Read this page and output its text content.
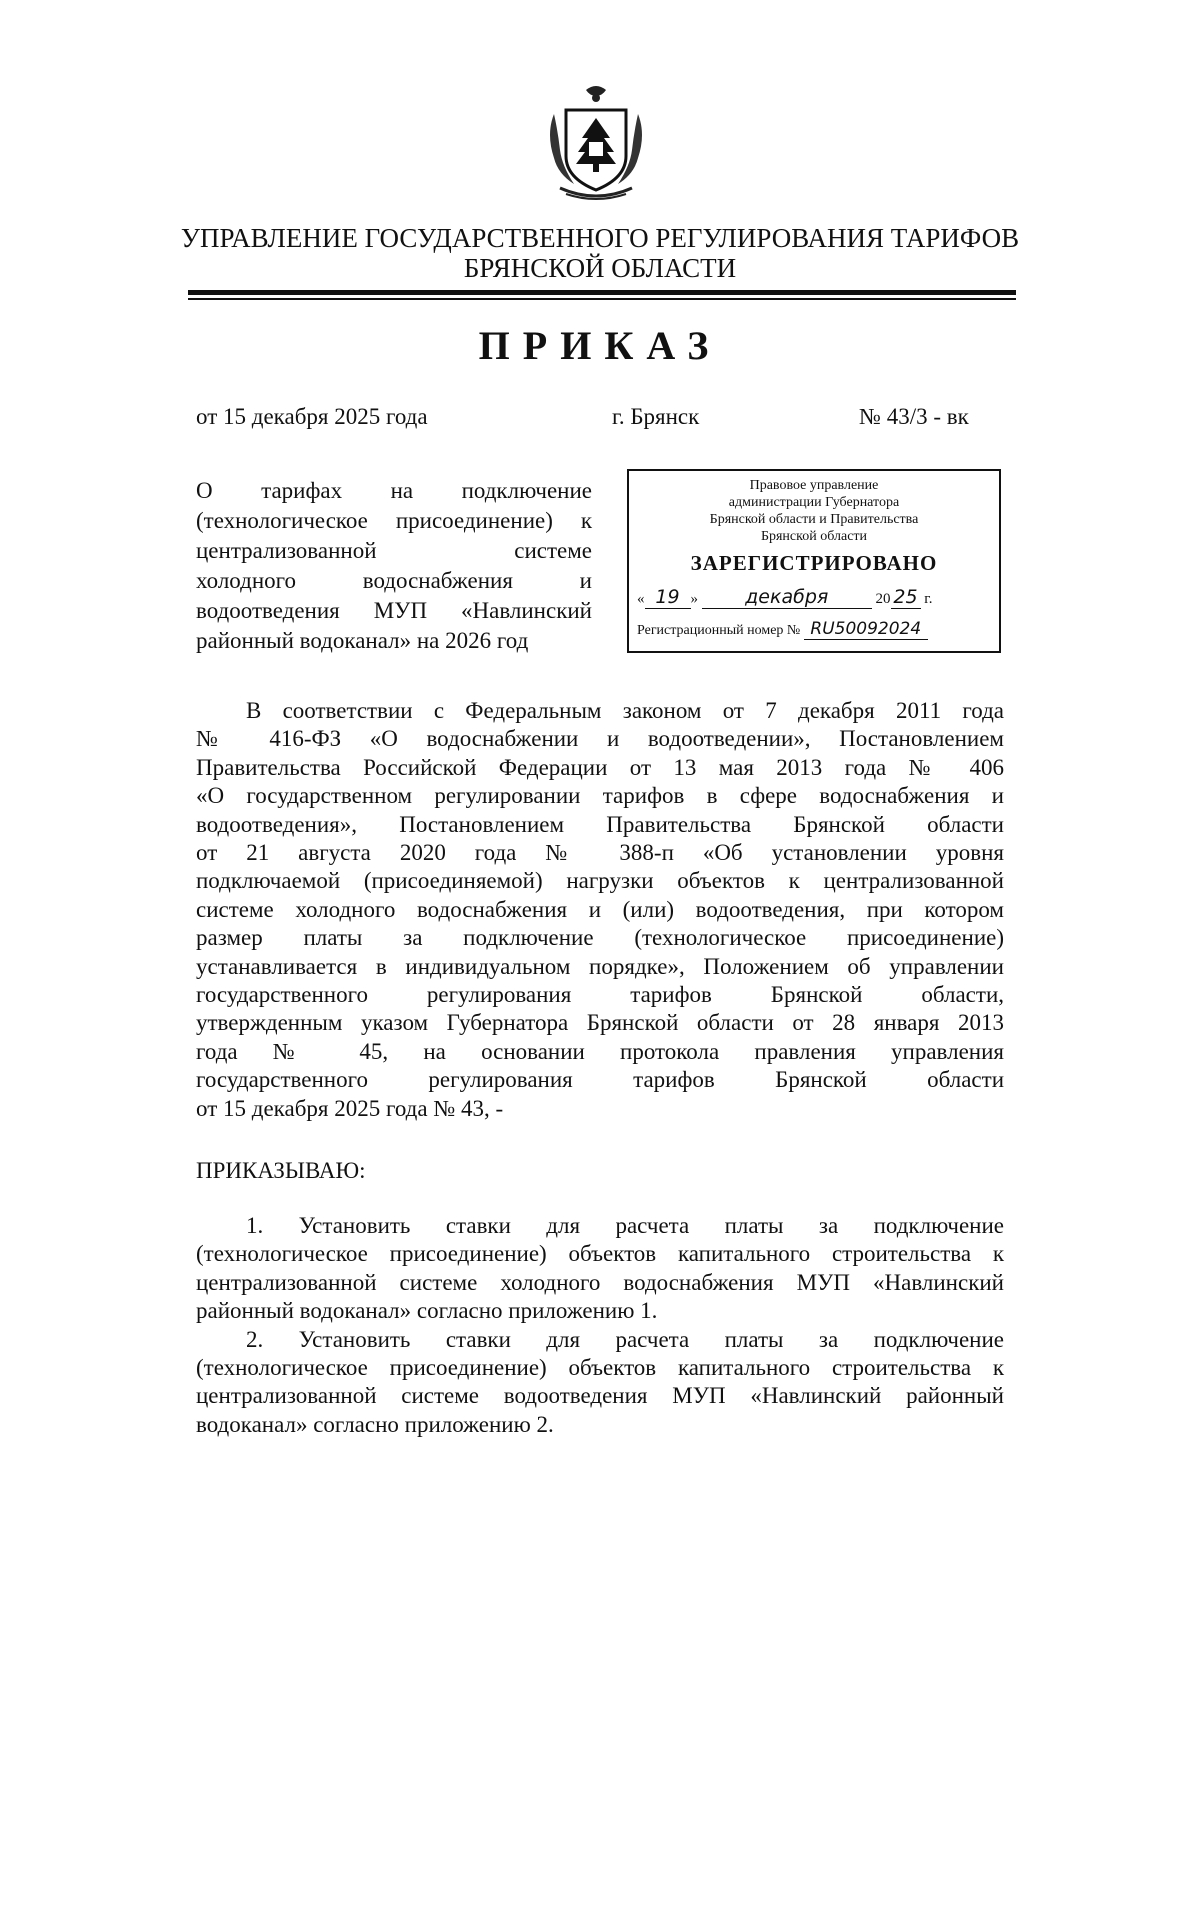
УПРАВЛЕНИЕ ГОСУДАРСТВЕННОГО РЕГУЛИРОВАНИЯ ТАРИФОВ
БРЯНСКОЙ ОБЛАСТИ
ПРИКАЗ
от 15 декабря 2025 года	г. Брянск	№ 43/3 - вк
О тарифах на подключение
(технологическое присоединение) к
централизованной системе
холодного водоснабжения и
водоотведения МУП «Навлинский
районный водоканал» на 2026 год
Правовое управление
администрации Губернатора
Брянской области и Правительства
Брянской области
ЗАРЕГИСТРИРОВАНО
« 19 » декабря	20 25 г.
Регистрационный номер № RU50092024
В соответствии с Федеральным законом от 7 декабря 2011 года
№ 416-ФЗ «О водоснабжении и водоотведении», Постановлением
Правительства Российской Федерации от 13 мая 2013 года № 406
«О государственном регулировании тарифов в сфере водоснабжения и
водоотведения», Постановлением Правительства Брянской области
от 21 августа 2020 года № 388-п «Об установлении уровня
подключаемой (присоединяемой) нагрузки объектов к централизованной
системе холодного водоснабжения и (или) водоотведения, при котором
размер платы за подключение (технологическое присоединение)
устанавливается в индивидуальном порядке», Положением об управлении
государственного регулирования тарифов Брянской области,
утвержденным указом Губернатора Брянской области от 28 января 2013
года № 45, на основании протокола правления управления
государственного регулирования тарифов Брянской области
от 15 декабря 2025 года № 43, -
ПРИКАЗЫВАЮ:
1. Установить ставки для расчета платы за подключение
(технологическое присоединение) объектов капитального строительства к
централизованной системе холодного водоснабжения МУП «Навлинский
районный водоканал» согласно приложению 1.
2. Установить ставки для расчета платы за подключение
(технологическое присоединение) объектов капитального строительства к
централизованной системе водоотведения МУП «Навлинский районный
водоканал» согласно приложению 2.
